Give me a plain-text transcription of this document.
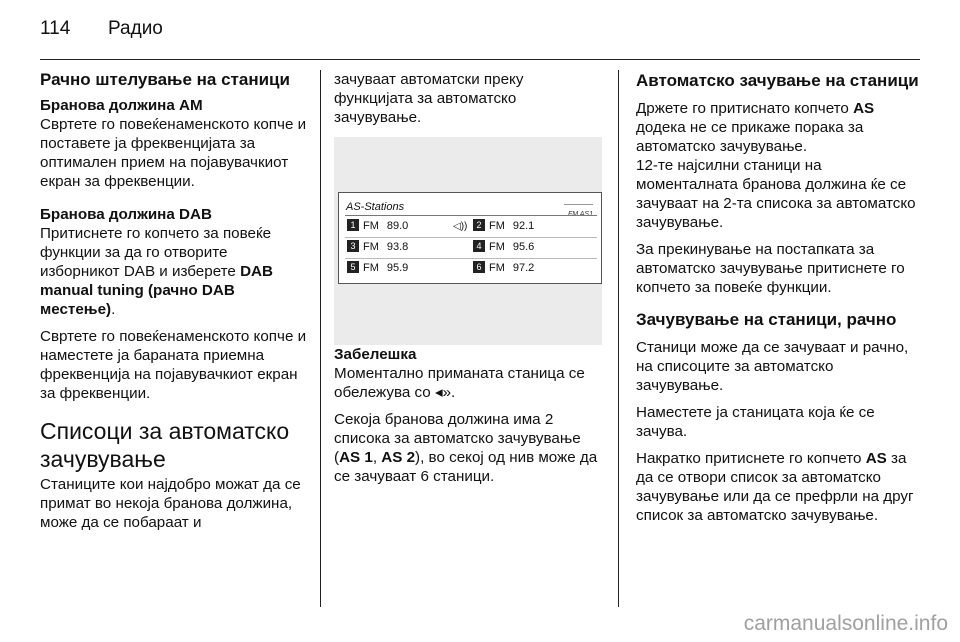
114 Радио
Рачно штелување на станици
Бранова должина AM

Свртете го повеќенаменскoто копче и поставете ја фреквенцијата за оптимален прием на појавувачкиот екран за фреквенции.

Бранова должина DAB

Притиснете го копчето за повеќе функции за да го отворите изборникот DAB и изберете DAB manual tuning (рачно DAB местење).

Свртете го повеќенаменскoто копче и наместете ја бараната приемна фреквенција на појавувачкиот екран за фреквенции.

Списоци за автоматско зачувување

Станиците кои најдобро можат да се примат во некоја бранова должина, може да се побараат и

зачуваат автоматски преку функцијата за автоматско зачувување.

AS-Stations
FM AS1
1 FM 89.0	◁))	2 FM 92.1
3 FM 93.8	4 FM 95.6
5 FM 95.9	6 FM 97.2

Забелешка

Моментално приманата станица се обележува со ◂».

Секоја бранова должина има 2 списока за автоматско зачувување (AS 1, AS 2), во секој од нив може да се зачуваат 6 станици.

Автоматско зачување на станици

Држете го притиснато копчето AS додека не се прикаже порака за автоматско зачувување.

12-те најсилни станици на моменталната бранова должина ќе се зачуваат на 2-та списока за автоматско зачувување.

За прекинување на постапката за автоматско зачувување притиснете го копчето за повеќе функции.

Зачувување на станици, рачно

Станици може да се зачуваат и рачно, на списоците за автоматско зачувување.

Наместете ја станицата која ќе се зачува.

Накратко притиснете го копчето AS за да се отвори список за автоматско зачувување или да се префрли на друг список за автоматско зачувување.

carmanualsonline.info
